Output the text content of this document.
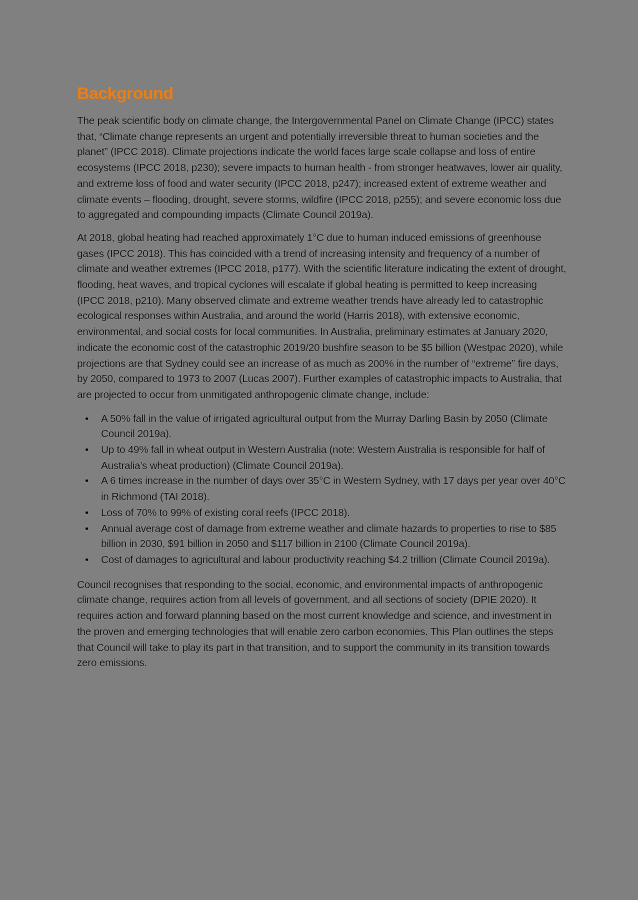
Background

The peak scientific body on climate change, the Intergovernmental Panel on Climate Change (IPCC) states that, “Climate change represents an urgent and potentially irreversible threat to human societies and the planet” (IPCC 2018). Climate projections indicate the world faces large scale collapse and loss of entire ecosystems (IPCC 2018, p230); severe impacts to human health - from stronger heatwaves, lower air quality, and extreme loss of food and water security (IPCC 2018, p247); increased extent of extreme weather and climate events – flooding, drought, severe storms, wildfire (IPCC 2018, p255); and severe economic loss due to aggregated and compounding impacts (Climate Council 2019a).

At 2018, global heating had reached approximately 1°C due to human induced emissions of greenhouse gases (IPCC 2018). This has coincided with a trend of increasing intensity and frequency of a number of climate and weather extremes (IPCC 2018, p177). With the scientific literature indicating the extent of drought, flooding, heat waves, and tropical cyclones will escalate if global heating is permitted to keep increasing (IPCC 2018, p210). Many observed climate and extreme weather trends have already led to catastrophic ecological responses within Australia, and around the world (Harris 2018), with extensive economic, environmental, and social costs for local communities. In Australia, preliminary estimates at January 2020, indicate the economic cost of the catastrophic 2019/20 bushfire season to be $5 billion (Westpac 2020), while projections are that Sydney could see an increase of as much as 200% in the number of “extreme” fire days, by 2050, compared to 1973 to 2007 (Lucas 2007). Further examples of catastrophic impacts to Australia, that are projected to occur from unmitigated anthropogenic climate change, include:

• A 50% fall in the value of irrigated agricultural output from the Murray Darling Basin by 2050 (Climate Council 2019a).
• Up to 49% fall in wheat output in Western Australia (note: Western Australia is responsible for half of Australia’s wheat production) (Climate Council 2019a).
• A 6 times increase in the number of days over 35°C in Western Sydney, with 17 days per year over 40°C in Richmond (TAI 2018).
• Loss of 70% to 99% of existing coral reefs (IPCC 2018).
• Annual average cost of damage from extreme weather and climate hazards to properties to rise to $85 billion in 2030, $91 billion in 2050 and $117 billion in 2100 (Climate Council 2019a).
• Cost of damages to agricultural and labour productivity reaching $4.2 trillion (Climate Council 2019a).

Council recognises that responding to the social, economic, and environmental impacts of anthropogenic climate change, requires action from all levels of government, and all sections of society (DPIE 2020). It requires action and forward planning based on the most current knowledge and science, and investment in the proven and emerging technologies that will enable zero carbon economies. This Plan outlines the steps that Council will take to play its part in that transition, and to support the community in its transition towards zero emissions.
